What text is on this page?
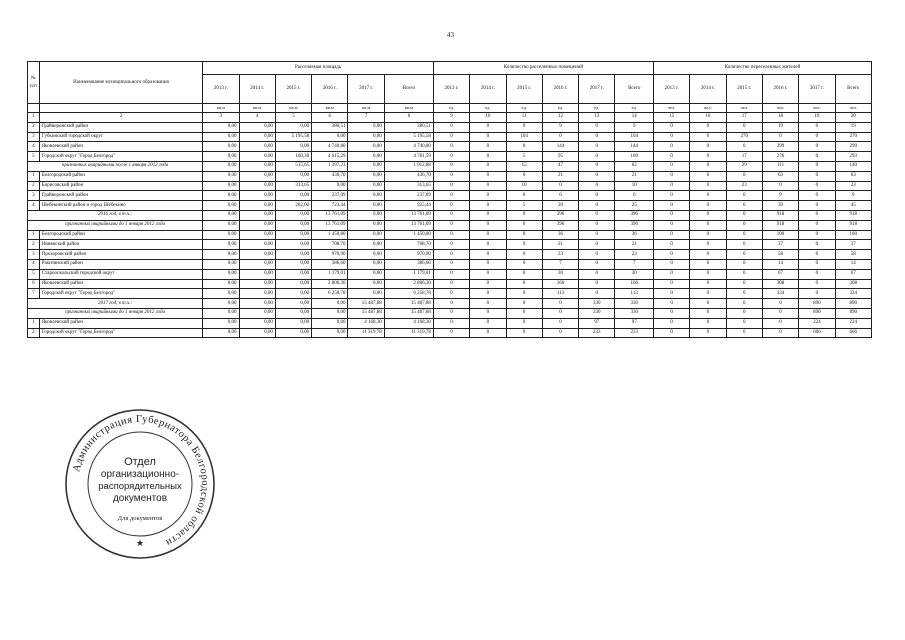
43
№ п/п	Наименование муниципального образования	Расселяемая площадь						Количество расселенных помещений						Количество переселенных жителей					
		2013 г.	2014 г.	2015 г.	2016 г.	2017 г.	Всего	2013 г.	2014 г.	2015 г.	2016 г.	2017 г.	Всего	2013 г.	2014 г.	2015 г.	2016 г.	2017 г.	Всего
		кв.м	кв.м	кв.м	кв.м	кв.м	кв.м	ед.	ед.	ед.	ед.	ед.	ед.	чел.	чел.	чел.	чел.	чел.	чел.
1	2	3	4	5	6	7	8	9	10	11	12	13	14	15	16	17	18	19	20
2	Грайворонский район	0,00	0,00	0,00	380,51	0,00	380,51	0	0	0	9	0	9	0	0	0	19	0	19
3	Губкинский городской округ	0,00	0,00	5 195,58	0,00	0,00	5 195,58	0	0	104	0	0	104	0	0	270	0	0	270
4	Яковлевский район	0,00	0,00	0,00	4 740,80	0,00	4 740,80	0	0	0	144	0	144	0	0	0	299	0	299
5	Городской округ "Город Белгород"	0,00	0,00	160,30	4 615,29	0,00	4 781,59	0	0	5	95	0	100	0	0	17	276	0	293
признанных аварийными после 1 января 2012 года		0,00	0,00	515,65	1 397,23	0,00	1 912,88	0	0	15	47	0	62	0	0	29	111	0	140
1	Белгородский район	0,00	0,00	0,00	436,70	0,00	436,70	0	0	0	21	0	21	0	0	0	63	0	63
2	Борисовский район	0,00	0,00	313,65	0,00	0,00	313,65	0	0	10	0	0	10	0	0	23	0	0	23
3	Грайворонский район	0,00	0,00	0,00	237,09	0,00	237,09	0	0	0	6	0	6	0	0	0	9	0	9
4	Шебекинский район и город Шебекино	0,00	0,00	202,00	723,44	0,00	925,44	0	0	5	20	0	25	0	0	6	39	0	45
2016 год, в т.ч.:		0,00	0,00	0,00	13 761,09	0,00	13 761,09	0	0	0	396	0	396	0	0	0	918	0	918
признанных аварийными до 1 января 2012 года		0,00	0,00	0,00	13 761,09	0,00	13 761,09	0	0	0	396	0	396	0	0	0	918	0	918
1	Белгородский район	0,00	0,00	0,00	1 450,80	0,00	1 450,80	0	0	0	36	0	36	0	0	0	100	0	100
2	Ивнянский район	0,00	0,00	0,00	708,70	0,00	708,70	0	0	0	21	0	21	0	0	0	37	0	37
3	Прохоровский район	0,00	0,00	0,00	970,90	0,00	970,90	0	0	0	23	0	23	0	0	0	58	0	58
4	Ракитянский район	0,00	0,00	0,00	386,60	0,00	386,60	0	0	0	7	0	7	0	0	0	14	0	14
5	Старооскольский городской округ	0,00	0,00	0,00	1 179,01	0,00	1 179,01	0	0	0	30	0	30	0	0	0	67	0	67
6	Яковлевский район	0,00	0,00	0,00	2 806,30	0,00	2 806,30	0	0	0	166	0	166	0	0	0	308	0	308
7	Городской округ "Город Белгород"	0,00	0,00	0,00	6 258,78	0,00	6 258,78	0	0	0	113	0	113	0	0	0	334	0	334
2017 год, в т.ч.:		0,00	0,00	0,00	0,00	15 487,88	15 487,88	0	0	0	0	330	330	0	0	0	0	890	890
признанных аварийными до 1 января 2012 года		0,00	0,00	0,00	0,00	15 487,88	15 487,88	0	0	0	0	330	330	0	0	0	0	890	890
1	Яковлевский район	0,00	0,00	0,00	0,00	4 168,30	4 168,30	0	0	0	0	97	97	0	0	0	0	224	224
2	Городской округ "Город Белгород"	0,00	0,00	0,00	0,00	11 319,78	11 319,78	0	0	0	0	233	233	0	0	0	0	666	666
Администрация Губернатора Белгородской области
Отдел
организационно-
распорядительных
документов
Для документов
★
